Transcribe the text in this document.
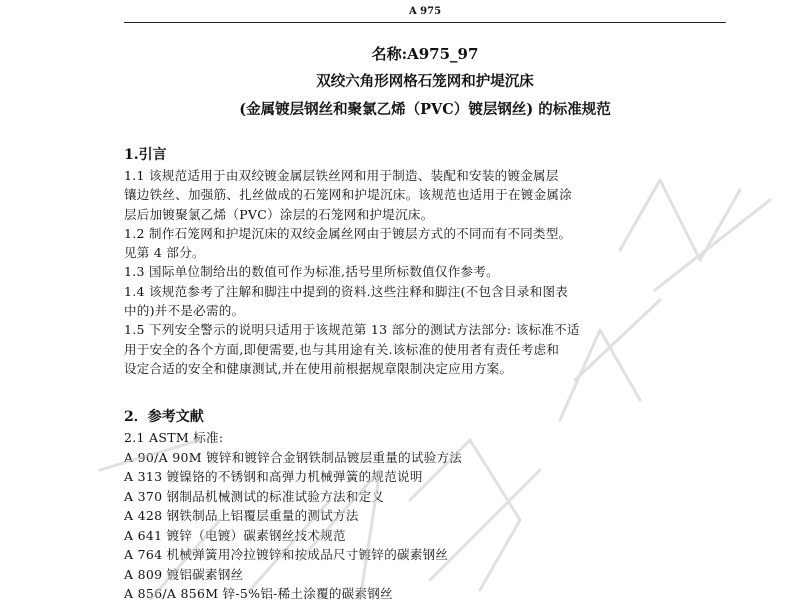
A 975

名称:A975_97

双绞六角形网格石笼网和护堤沉床

(金属镀层钢丝和聚氯乙烯（PVC）镀层钢丝) 的标准规范

1.引言

1.1 该规范适用于由双绞镀金属层铁丝网和用于制造、装配和安装的镀金属层
镶边铁丝、加强筋、扎丝做成的石笼网和护堤沉床。该规范也适用于在镀金属涂
层后加镀聚氯乙烯（PVC）涂层的石笼网和护堤沉床。

1.2 制作石笼网和护堤沉床的双绞金属丝网由于镀层方式的不同而有不同类型。
见第 4 部分。

1.3 国际单位制给出的数值可作为标准,括号里所标数值仅作参考。

1.4 该规范参考了注解和脚注中提到的资料.这些注释和脚注(不包含目录和图表
中的)并不是必需的。

1.5 下列安全警示的说明只适用于该规范第 13 部分的测试方法部分: 该标准不适
用于安全的各个方面,即便需要,也与其用途有关.该标准的使用者有责任考虑和
设定合适的安全和健康测试,并在使用前根据规章限制决定应用方案。

2．参考文献

2.1 ASTM 标准:

A 90/A 90M 镀锌和镀锌合金钢铁制品镀层重量的试验方法

A 313 镀镍铬的不锈钢和高弹力机械弹簧的规范说明

A 370 钢制品机械测试的标准试验方法和定义

A 428 钢铁制品上铝覆层重量的测试方法

A 641 镀锌（电镀）碳素钢丝技术规范

A 764 机械弹簧用冷拉镀锌和按成品尺寸镀锌的碳素钢丝

A 809 镀铝碳素钢丝

A 856/A 856M 锌-5%铝-稀土涂覆的碳素钢丝
